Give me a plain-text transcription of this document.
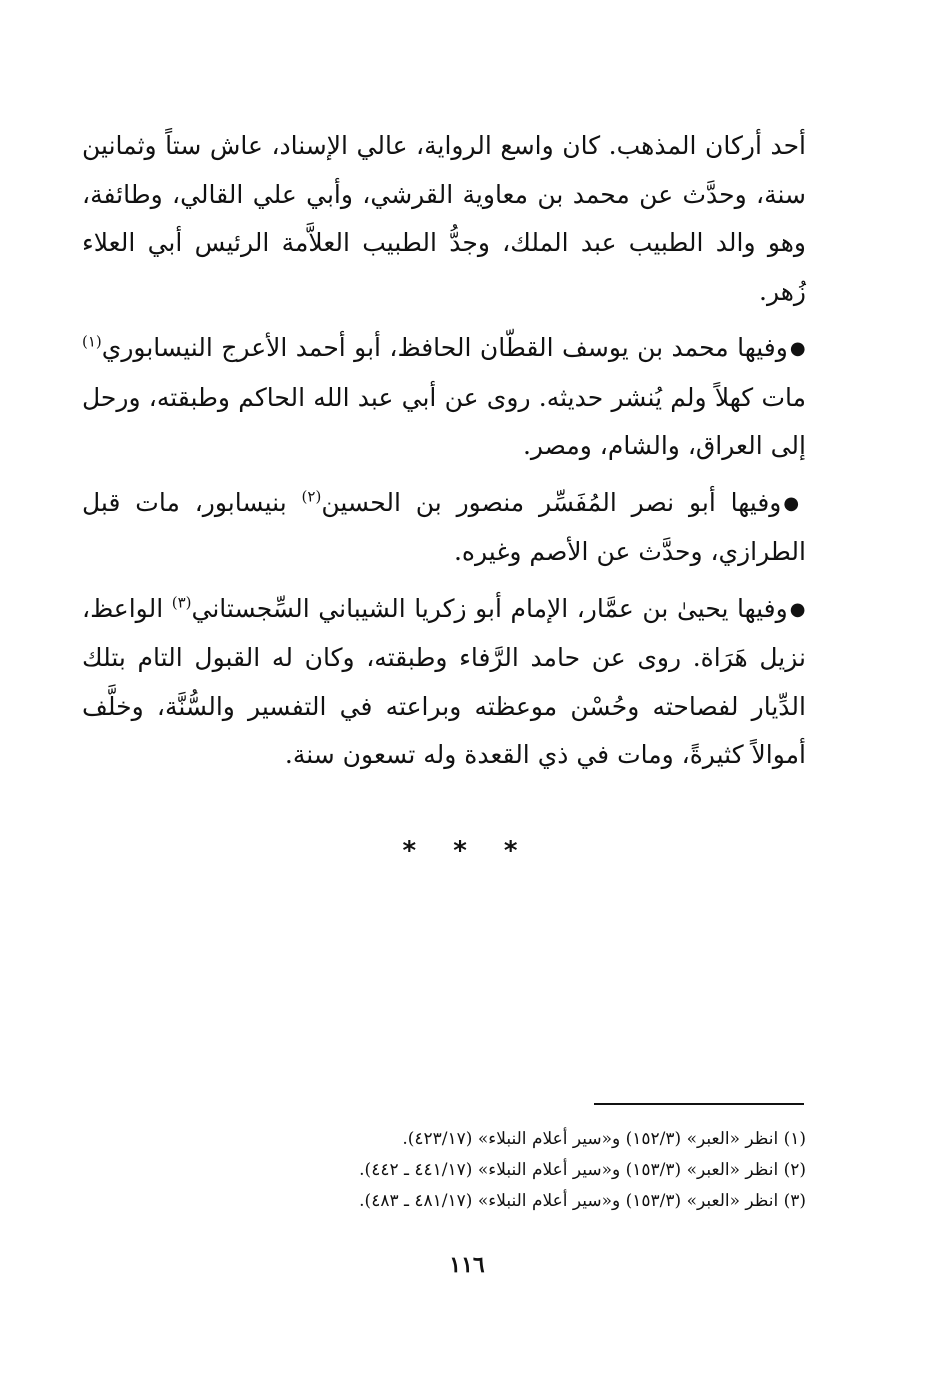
أحد أركان المذهب. كان واسع الرواية، عالي الإسناد، عاش ستاً وثمانين سنة، وحدَّث عن محمد بن معاوية القرشي، وأبي علي القالي، وطائفة، وهو والد الطبيب عبد الملك، وجدُّ الطبيب العلاَّمة الرئيس أبي العلاء زُهر.

●وفيها محمد بن يوسف القطّان الحافظ، أبو أحمد الأعرج النيسابوري$^{(١)}$ مات كهلاً ولم يُنشر حديثه. روى عن أبي عبد الله الحاكم وطبقته، ورحل إلى العراق، والشام، ومصر.

●وفيها أبو نصر المُفَسِّر منصور بن الحسين$^{(٢)}$ بنيسابور، مات قبل الطرازي، وحدَّث عن الأصم وغيره.

●وفيها يحيىٰ بن عمَّار، الإمام أبو زكريا الشيباني السِّجستاني$^{(٣)}$ الواعظ، نزيل هَرَاة. روى عن حامد الرَّفاء وطبقته، وكان له القبول التام بتلك الدِّيار لفصاحته وحُسْن موعظته وبراعته في التفسير والسُّنَّة، وخلَّف أموالاً كثيرةً، ومات في ذي القعدة وله تسعون سنة.

* * *
(١) انظر «العبر» (١٥٢/٣) و«سير أعلام النبلاء» (٤٢٣/١٧).
(٢) انظر «العبر» (١٥٣/٣) و«سير أعلام النبلاء» (٤٤١/١٧ ـ ٤٤٢).
(٣) انظر «العبر» (١٥٣/٣) و«سير أعلام النبلاء» (٤٨١/١٧ ـ ٤٨٣).
١١٦
